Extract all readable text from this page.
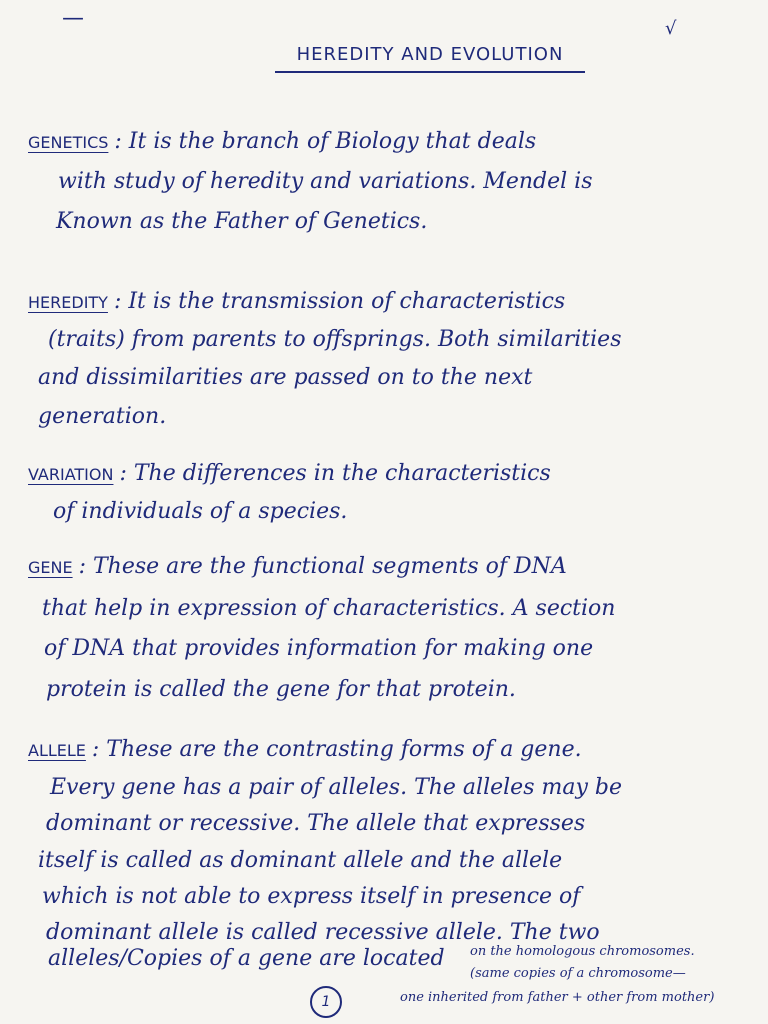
—	√
HEREDITY AND EVOLUTION
GENETICS : It is the branch of Biology that deals
with study of heredity and variations. Mendel is
Known as the Father of Genetics.
HEREDITY : It is the transmission of characteristics
(traits) from parents to offsprings. Both similarities
and dissimilarities are passed on to the next
generation.
VARIATION : The differences in the characteristics
of individuals of a species.
GENE : These are the functional segments of DNA
that help in expression of characteristics. A section
of DNA that provides information for making one
protein is called the gene for that protein.
ALLELE : These are the contrasting forms of a gene.
Every gene has a pair of alleles. The alleles may be
dominant or recessive. The allele that expresses
itself is called as dominant allele and the allele
which is not able to express itself in presence of
dominant allele is called recessive allele. The two
alleles/Copies of a gene are located	on the homologous chromosomes.
(same copies of a chromosome—
one inherited from father + other from mother)
1
